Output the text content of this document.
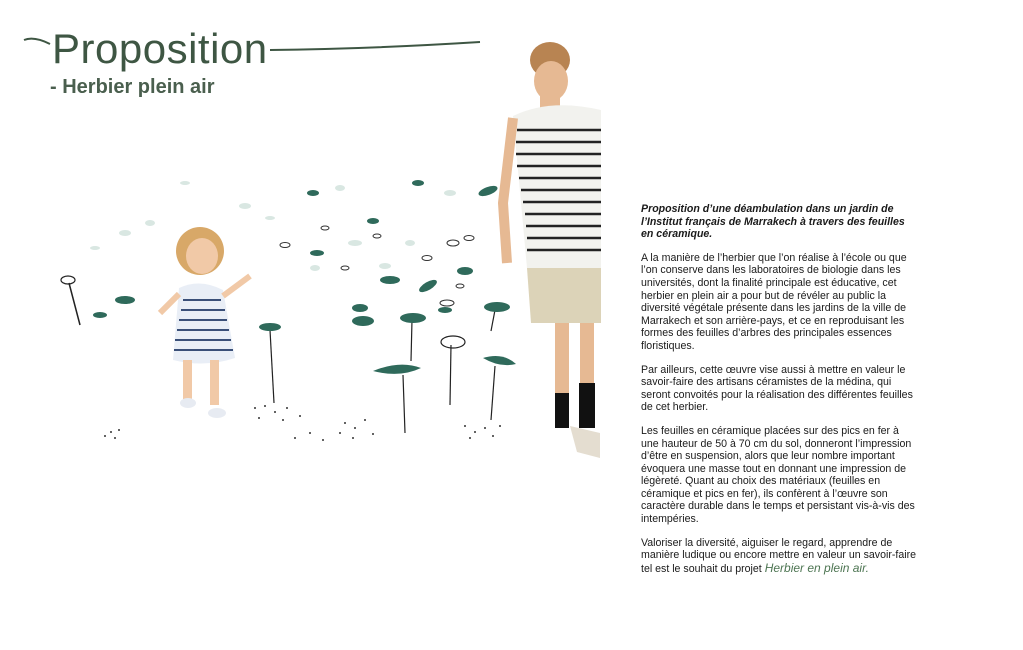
Proposition
- Herbier plein air

Proposition d’une déambulation dans un jardin de l’Institut français de Marrakech à travers des feuilles en céramique.

A la manière de l’herbier que l’on réalise à l’école ou que l’on conserve dans les laboratoires de biologie dans les universités, dont la finalité principale est éducative, cet herbier en plein air a pour but de révéler au public la diversité végétale présente dans les jardins de la ville de Marrakech et son arrière-pays, et ce en reproduisant les formes des feuilles d’arbres des principales essences floristiques.

Par ailleurs, cette œuvre vise aussi à mettre en valeur le savoir-faire des artisans céramistes de la médina, qui seront convoités pour la réalisation des différentes feuilles de cet herbier.

Les feuilles en céramique placées sur des pics en fer à une hauteur de 50 à 70 cm du sol, donneront l’impression d’être en suspension, alors que leur nombre important évoquera une masse tout en donnant une impression de légèreté. Quant au choix des matériaux (feuilles en céramique et pics en fer), ils confèrent à l’œuvre son caractère durable dans le temps et persistant vis-à-vis des intempéries.

Valoriser la diversité, aiguiser le regard, apprendre de manière ludique ou encore mettre en valeur un savoir-faire tel est le souhait du projet Herbier en plein air.
